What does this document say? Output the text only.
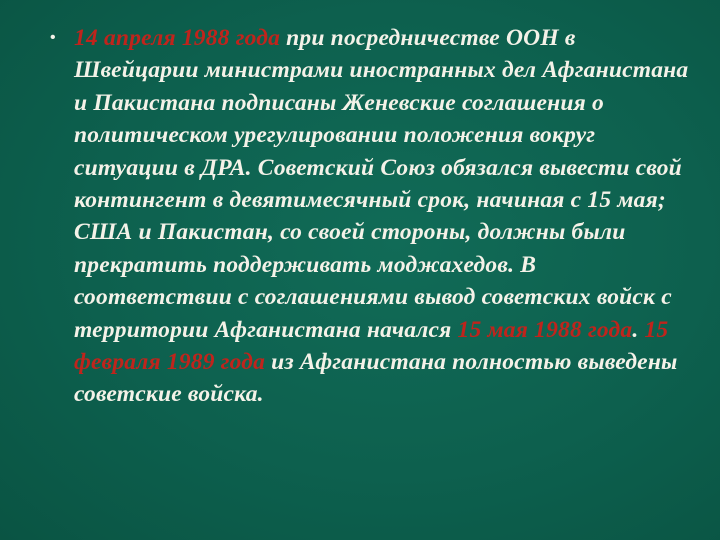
• 14 апреля 1988 года при посредничестве ООН в Швейцарии министрами иностранных дел Афганистана и Пакистана подписаны Женевские соглашения о политическом урегулировании положения вокруг ситуации в ДРА. Советский Союз обязался вывести свой контингент в девятимесячный срок, начиная с 15 мая; США и Пакистан, со своей стороны, должны были прекратить поддерживать моджахедов. В соответствии с соглашениями вывод советских войск с территории Афганистана начался 15 мая 1988 года. 15 февраля 1989 года из Афганистана полностью выведены советские войска.
